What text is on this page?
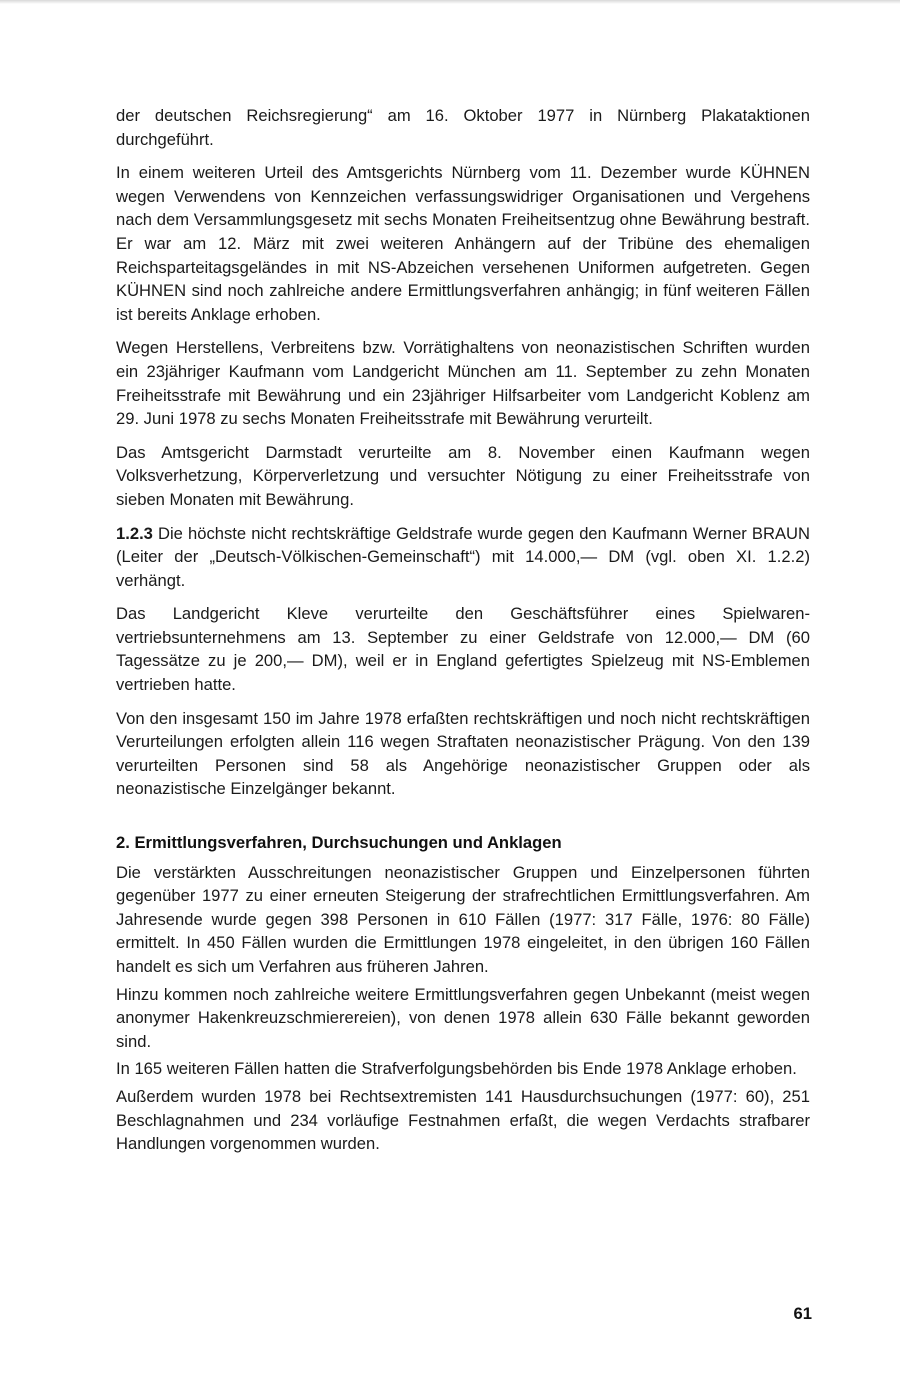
der deutschen Reichsregierung“ am 16. Oktober 1977 in Nürnberg Plakataktionen durchgeführt.

In einem weiteren Urteil des Amtsgerichts Nürnberg vom 11. Dezember wurde KÜHNEN wegen Verwendens von Kennzeichen verfassungswidriger Organisationen und Vergehens nach dem Versammlungsgesetz mit sechs Monaten Freiheitsentzug ohne Bewährung bestraft. Er war am 12. März mit zwei weiteren Anhängern auf der Tribüne des ehemaligen Reichsparteitagsgeländes in mit NS-Abzeichen versehenen Uniformen aufgetreten. Gegen KÜHNEN sind noch zahlreiche andere Ermittlungsverfahren anhängig; in fünf weiteren Fällen ist bereits Anklage erhoben.

Wegen Herstellens, Verbreitens bzw. Vorrätighaltens von neonazistischen Schriften wurden ein 23jähriger Kaufmann vom Landgericht München am 11. September zu zehn Monaten Freiheitsstrafe mit Bewährung und ein 23jähriger Hilfsarbeiter vom Landgericht Koblenz am 29. Juni 1978 zu sechs Monaten Freiheitsstrafe mit Bewährung verurteilt.

Das Amtsgericht Darmstadt verurteilte am 8. November einen Kaufmann wegen Volksverhetzung, Körperverletzung und versuchter Nötigung zu einer Freiheitsstrafe von sieben Monaten mit Bewährung.

1.2.3 Die höchste nicht rechtskräftige Geldstrafe wurde gegen den Kaufmann Werner BRAUN (Leiter der „Deutsch-Völkischen-Gemeinschaft“) mit 14.000,— DM (vgl. oben XI. 1.2.2) verhängt.

Das Landgericht Kleve verurteilte den Geschäftsführer eines Spielwarenvertriebsunternehmens am 13. September zu einer Geldstrafe von 12.000,— DM (60 Tagessätze zu je 200,— DM), weil er in England gefertigtes Spielzeug mit NS-Emblemen vertrieben hatte.

Von den insgesamt 150 im Jahre 1978 erfaßten rechtskräftigen und noch nicht rechtskräftigen Verurteilungen erfolgten allein 116 wegen Straftaten neonazistischer Prägung. Von den 139 verurteilten Personen sind 58 als Angehörige neonazistischer Gruppen oder als neonazistische Einzelgänger bekannt.

2. Ermittlungsverfahren, Durchsuchungen und Anklagen

Die verstärkten Ausschreitungen neonazistischer Gruppen und Einzelpersonen führten gegenüber 1977 zu einer erneuten Steigerung der strafrechtlichen Ermittlungsverfahren. Am Jahresende wurde gegen 398 Personen in 610 Fällen (1977: 317 Fälle, 1976: 80 Fälle) ermittelt. In 450 Fällen wurden die Ermittlungen 1978 eingeleitet, in den übrigen 160 Fällen handelt es sich um Verfahren aus früheren Jahren.

Hinzu kommen noch zahlreiche weitere Ermittlungsverfahren gegen Unbekannt (meist wegen anonymer Hakenkreuzschmierereien), von denen 1978 allein 630 Fälle bekannt geworden sind.

In 165 weiteren Fällen hatten die Strafverfolgungsbehörden bis Ende 1978 Anklage erhoben.

Außerdem wurden 1978 bei Rechtsextremisten 141 Hausdurchsuchungen (1977: 60), 251 Beschlagnahmen und 234 vorläufige Festnahmen erfaßt, die wegen Verdachts strafbarer Handlungen vorgenommen wurden.

61
